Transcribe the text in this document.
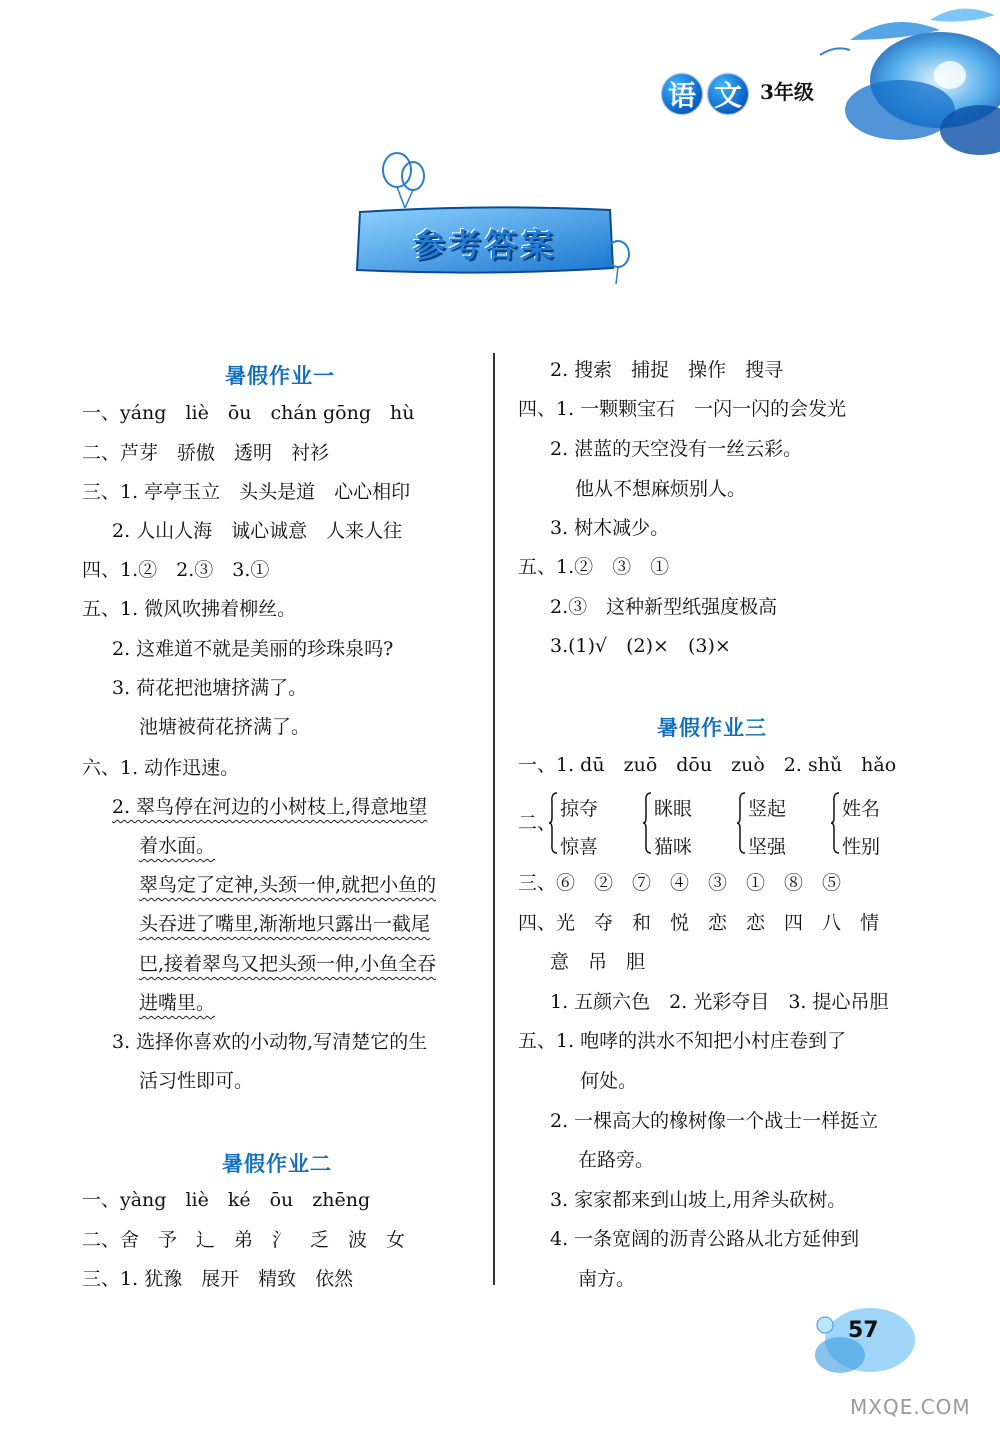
语 文 3年级
参考答案
暑假作业一
一、yáng　liè　ōu　chán gōng　hù
二、芦芽　骄傲　透明　衬衫
三、1. 亭亭玉立　头头是道　心心相印
2. 人山人海　诚心诚意　人来人往
四、1.②　2.③　3.①
五、1. 微风吹拂着柳丝。
2. 这难道不就是美丽的珍珠泉吗?
3. 荷花把池塘挤满了。
池塘被荷花挤满了。
六、1. 动作迅速。
2. 翠鸟停在河边的小树枝上,得意地望
着水面。
翠鸟定了定神,头颈一伸,就把小鱼的
头吞进了嘴里,渐渐地只露出一截尾
巴,接着翠鸟又把头颈一伸,小鱼全吞
进嘴里。
3. 选择你喜欢的小动物,写清楚它的生
活习性即可。
暑假作业二
一、yàng　liè　ké　ōu　zhēng
二、舍　予　辶　弟　氵　乏　波　女
三、1. 犹豫　展开　精致　依然
2. 搜索　捕捉　操作　搜寻
四、1. 一颗颗宝石　一闪一闪的会发光
2. 湛蓝的天空没有一丝云彩。
他从不想麻烦别人。
3. 树木减少。
五、1.②　③　①
2.③　这种新型纸强度极高
3.(1)√　(2)×　(3)×
暑假作业三
一、1. dū　zuō　dōu　zuò　2. shǔ　hǎo
二、
掠夺
惊喜
眯眼
猫咪
竖起
坚强
姓名
性别
三、⑥　②　⑦　④　③　①　⑧　⑤
四、光　夺　和　悦　恋　恋　四　八　情
意　吊　胆
1. 五颜六色　2. 光彩夺目　3. 提心吊胆
五、1. 咆哮的洪水不知把小村庄卷到了
何处。
2. 一棵高大的橡树像一个战士一样挺立
在路旁。
3. 家家都来到山坡上,用斧头砍树。
4. 一条宽阔的沥青公路从北方延伸到
南方。
57
MXQE.COM
